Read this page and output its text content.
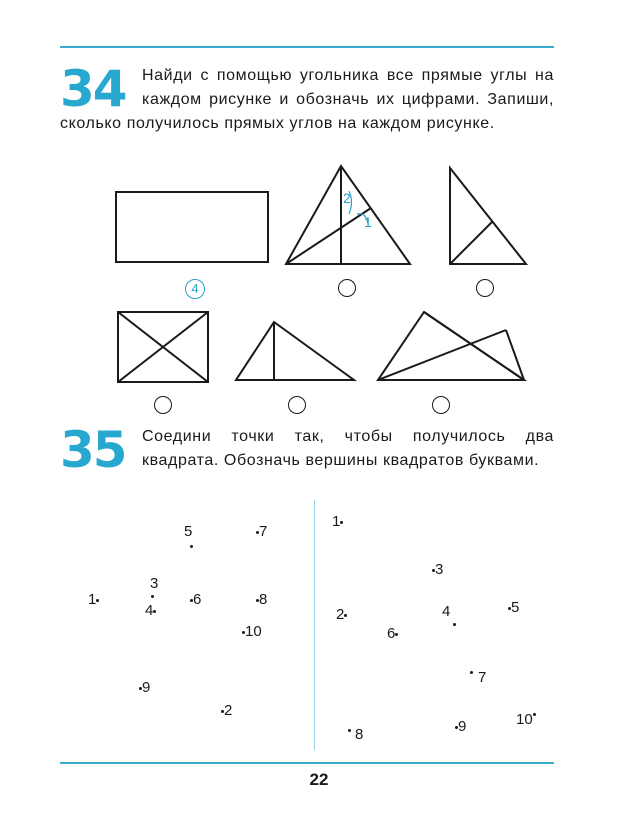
34	Найди с помощью угольника все прямые углы на каждом рисунке и обозначь их цифрами. Запиши, сколько получилось прямых углов на каждом рисунке.

2
1
4
35	Соедини точки так, чтобы получилось два квадрата. Обозначь вершины квадратов буквами.

5	7
3
1
4
6	8
10
9
2
1
3
2	4	5
6
7
8	9	10
22
